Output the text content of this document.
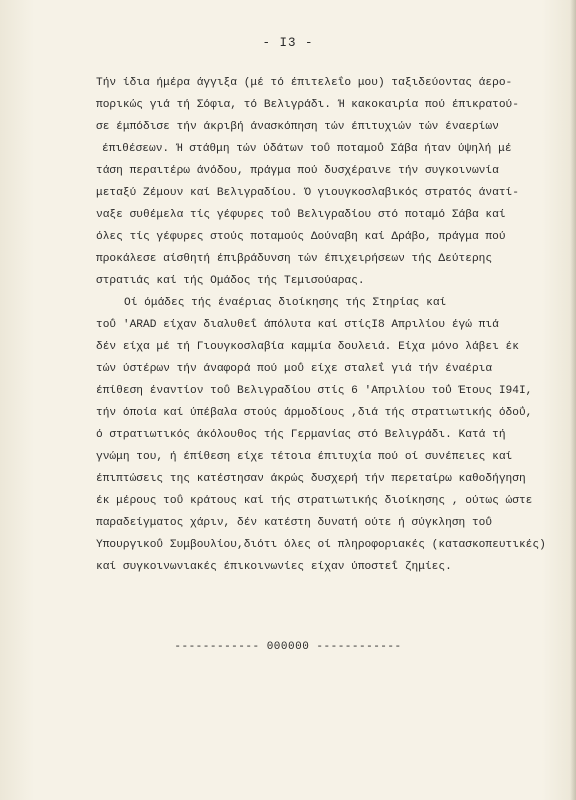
- I3 -
Τήν ίδια ήμέρα άγγιξα (μέ τό έπιτελεΐο μου) ταξιδεύοντας άερο-
πορικώς γιά τή Σόφια, τό Βελιγράδι. Ή κακοκαιρία πού έπικρατού-
σε έμπόδισε τήν άκριβή άνασκόπηση τών έπιτυχιών τών έναερίων
έπιθέσεων. Ή στάθμη τών ύδάτων τοΰ ποταμοΰ Σάβα ήταν ύψηλή μέ
τάση περαιτέρω άνόδου, πράγμα πού δυσχέραινε τήν συγκοινωνία
μεταξύ Ζέμουν καί Βελιγραδίου. Ό γιουγκοσλαβικός στρατός άνατί-
ναξε συθέμελα τίς γέφυρες τοΰ Βελιγραδίου στό ποταμό Σάβα καί
όλες τίς γέφυρες στούς ποταμούς Δούναβη καί Δράβο, πράγμα πού
προκάλεσε αίσθητή έπιβράδυνση τών έπιχειρήσεων τής Δεύτερης
στρατιάς καί τής Ομάδος τής Τεμισούαρας.
Οί όμάδες τής έναέριας διοίκησης τής Στηρίας καί
τοΰ 'ARAD είχαν διαλυθεΐ άπόλυτα καί στίςI8 Απριλίου έγώ πιά
δέν είχα μέ τή Γιουγκοσλαβία καμμία δουλειά. Είχα μόνο λάβει έκ
τών ύστέρων τήν άναφορά πού μοΰ είχε σταλεΐ γιά τήν έναέρια
έπίθεση έναντίον τοΰ Βελιγραδίου στίς 6 'Απριλίου τοΰ Έτους I94I,
τήν όποία καί ύπέβαλα στούς άρμοδίους ,διά τής στρατιωτικής όδοΰ,
ό στρατιωτικός άκόλουθος τής Γερμανίας στό Βελιγράδι. Κατά τή
γνώμη του, ή έπίθεση είχε τέτοια έπιτυχία πού οί συνέπειες καί
έπιπτώσεις της κατέστησαν άκρώς δυσχερή τήν περεταίρω καθοδήγηση
έκ μέρους τοΰ κράτους καί τής στρατιωτικής διοίκησης , ούτως ώστε
παραδείγματος χάριν, δέν κατέστη δυνατή ούτε ή σύγκληση τοΰ
Υπουργικοΰ Συμβουλίου,διότι όλες οί πληροφοριακές (κατασκοπευτικές)
καί συγκοινωνιακές έπικοινωνίες είχαν ύποστεΐ ζημίες.
------------ 000000 ------------
